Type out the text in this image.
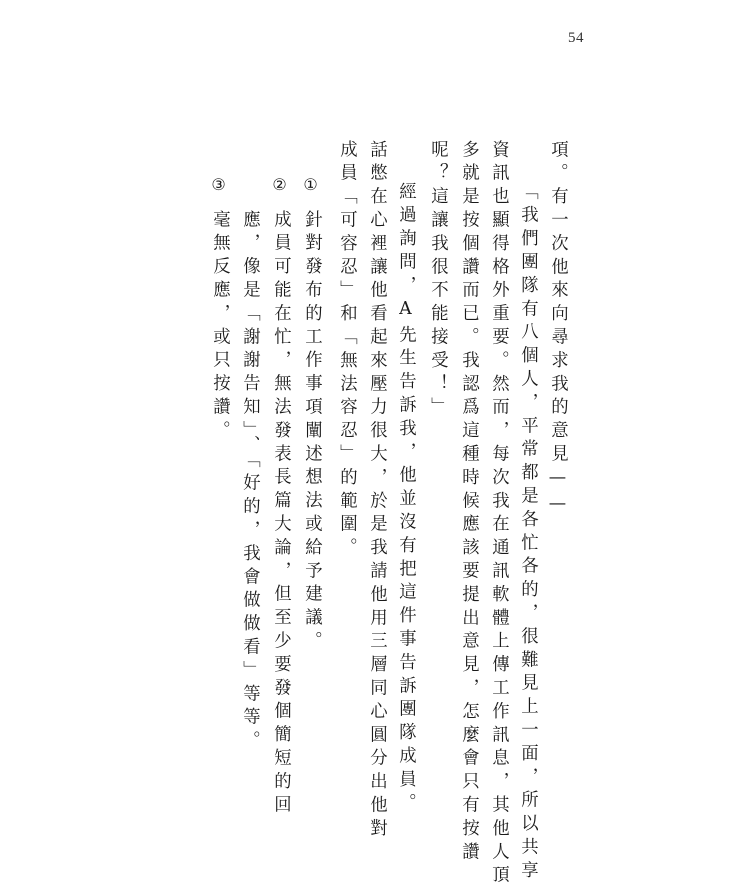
54
項。有一次他來向尋求我的意見——
「我們團隊有八個人，平常都是各忙各的，很難見上一面，所以共享
資訊也顯得格外重要。然而，每次我在通訊軟體上傳工作訊息，其他人頂
多就是按個讚而已。我認爲這種時候應該要提出意見，怎麼會只有按讚
呢？這讓我很不能接受！」
經過詢問，A先生告訴我，他並沒有把這件事告訴團隊成員。
話憋在心裡讓他看起來壓力很大，於是我請他用三層同心圓分出他對
成員「可容忍」和「無法容忍」的範圍。
①
針對發布的工作事項闡述想法或給予建議。
②
成員可能在忙，無法發表長篇大論，但至少要發個簡短的回
應，像是「謝謝告知」、「好的，我會做做看」等等。
③
毫無反應，或只按讚。
